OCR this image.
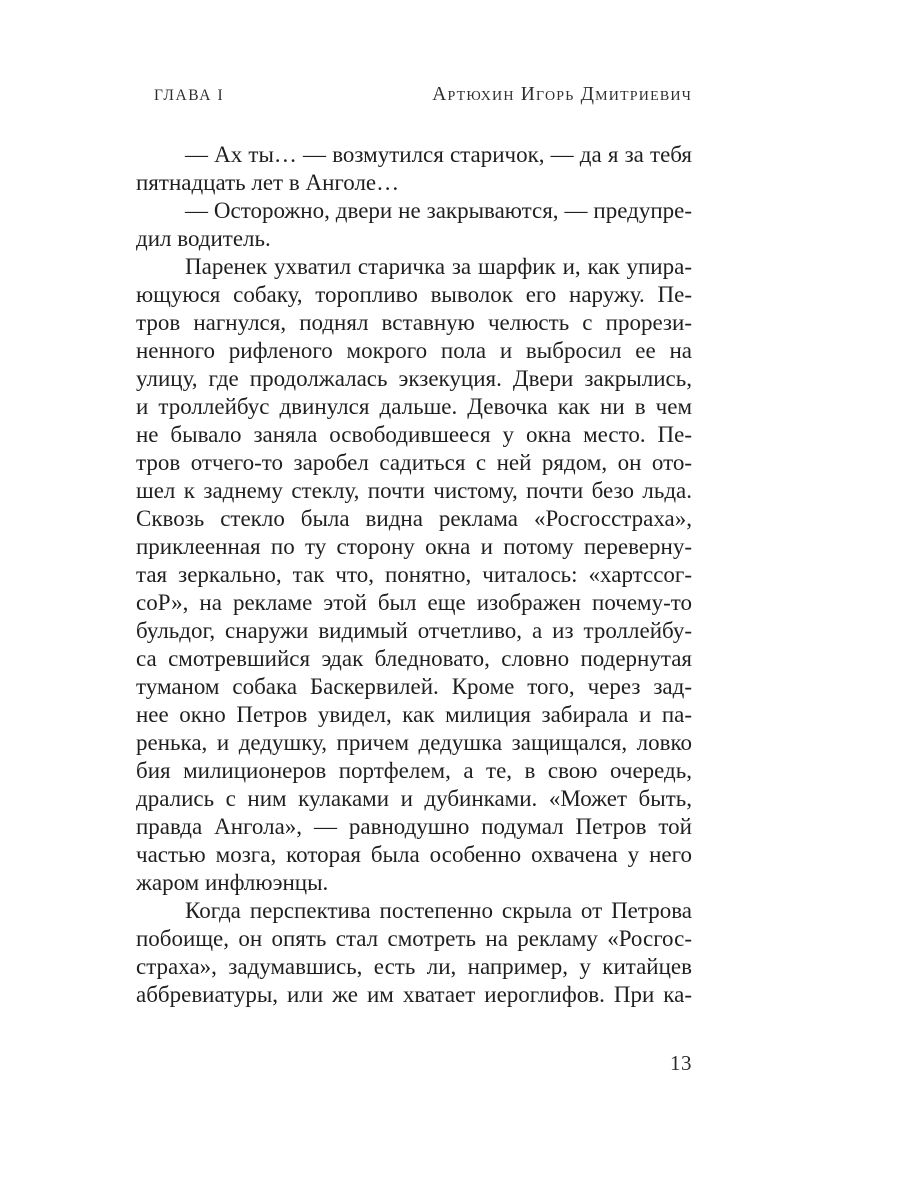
ГЛАВА I	Артюхин Игорь Дмитриевич
— Ах ты… — возмутился старичок, — да я за тебя
пятнадцать лет в Анголе…
— Осторожно, двери не закрываются, — предупре-
дил водитель.
Паренек ухватил старичка за шарфик и, как упира-
ющуюся собаку, торопливо выволок его наружу. Пе-
тров нагнулся, поднял вставную челюсть с прорези-
ненного рифленого мокрого пола и выбросил ее на
улицу, где продолжалась экзекуция. Двери закрылись,
и троллейбус двинулся дальше. Девочка как ни в чем
не бывало заняла освободившееся у окна место. Пе-
тров отчего-то заробел садиться с ней рядом, он ото-
шел к заднему стеклу, почти чистому, почти безо льда.
Сквозь стекло была видна реклама «Росгосстраха»,
приклеенная по ту сторону окна и потому переверну-
тая зеркально, так что, понятно, читалось: «хартссог-
соР», на рекламе этой был еще изображен почему-то
бульдог, снаружи видимый отчетливо, а из троллейбу-
са смотревшийся эдак бледновато, словно подернутая
туманом собака Баскервилей. Кроме того, через зад-
нее окно Петров увидел, как милиция забирала и па-
ренька, и дедушку, причем дедушка защищался, ловко
бия милиционеров портфелем, а те, в свою очередь,
дрались с ним кулаками и дубинками. «Может быть,
правда Ангола», — равнодушно подумал Петров той
частью мозга, которая была особенно охвачена у него
жаром инфлюэнцы.
Когда перспектива постепенно скрыла от Петрова
побоище, он опять стал смотреть на рекламу «Росгос-
страха», задумавшись, есть ли, например, у китайцев
аббревиатуры, или же им хватает иероглифов. При ка-
13
